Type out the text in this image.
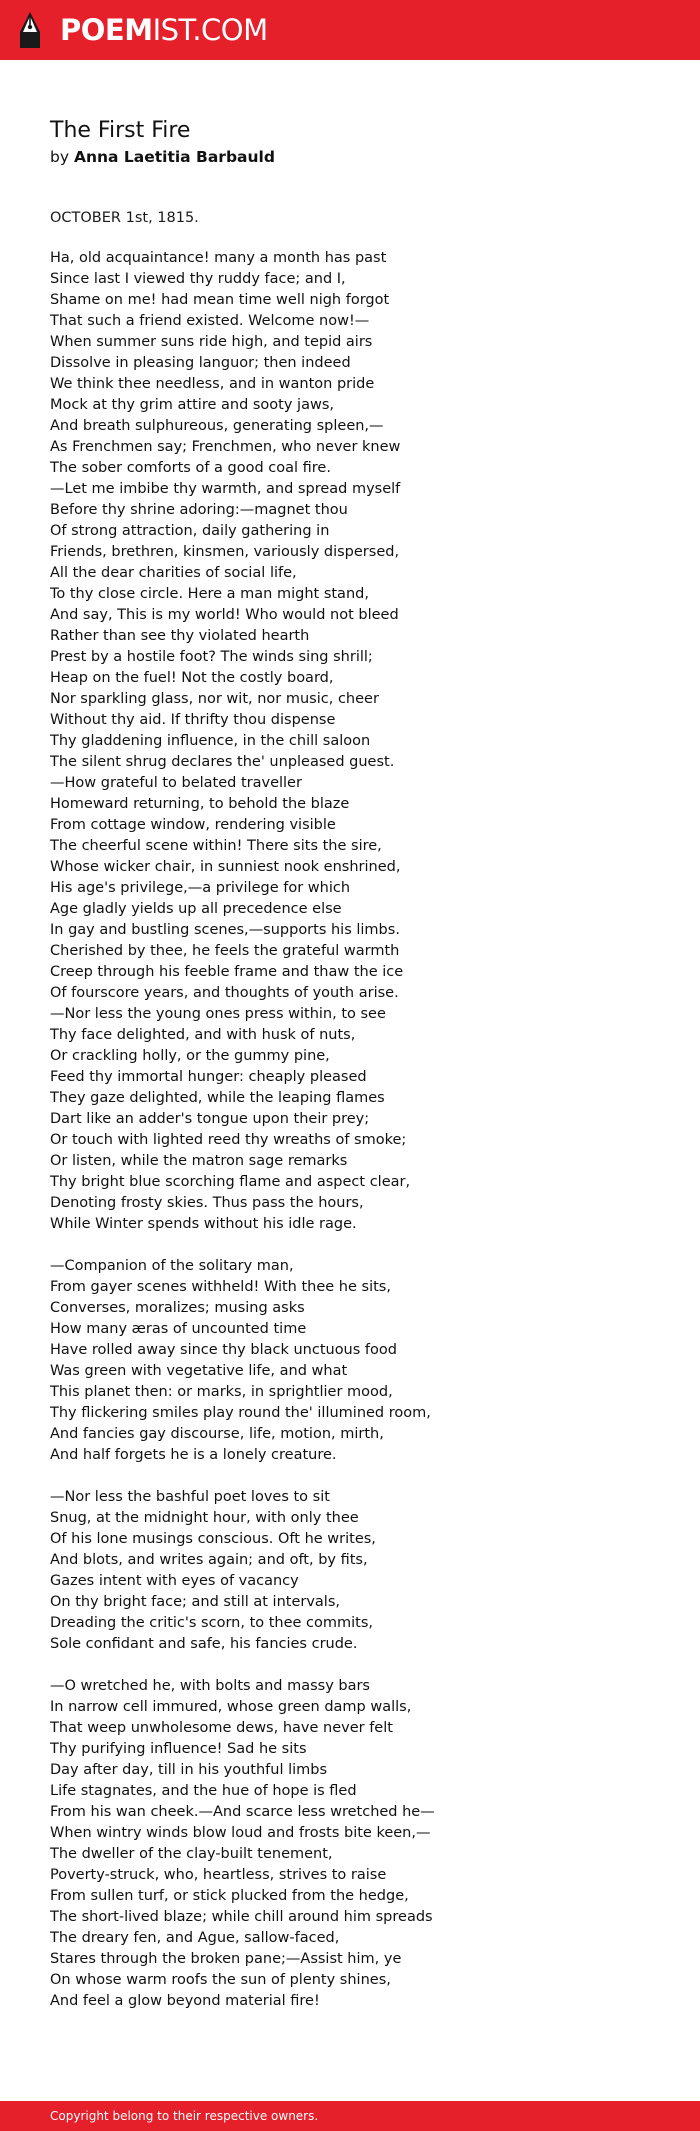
POEMIST.COM
The First Fire
by Anna Laetitia Barbauld
OCTOBER 1st, 1815.
Ha, old acquaintance! many a month has past
Since last I viewed thy ruddy face; and I,
Shame on me! had mean time well nigh forgot
That such a friend existed. Welcome now!—
When summer suns ride high, and tepid airs
Dissolve in pleasing languor; then indeed
We think thee needless, and in wanton pride
Mock at thy grim attire and sooty jaws,
And breath sulphureous, generating spleen,—
As Frenchmen say; Frenchmen, who never knew
The sober comforts of a good coal fire.
—Let me imbibe thy warmth, and spread myself
Before thy shrine adoring:—magnet thou
Of strong attraction, daily gathering in
Friends, brethren, kinsmen, variously dispersed,
All the dear charities of social life,
To thy close circle. Here a man might stand,
And say, This is my world! Who would not bleed
Rather than see thy violated hearth
Prest by a hostile foot? The winds sing shrill;
Heap on the fuel! Not the costly board,
Nor sparkling glass, nor wit, nor music, cheer
Without thy aid. If thrifty thou dispense
Thy gladdening influence, in the chill saloon
The silent shrug declares the' unpleased guest.
—How grateful to belated traveller
Homeward returning, to behold the blaze
From cottage window, rendering visible
The cheerful scene within! There sits the sire,
Whose wicker chair, in sunniest nook enshrined,
His age's privilege,—a privilege for which
Age gladly yields up all precedence else
In gay and bustling scenes,—supports his limbs.
Cherished by thee, he feels the grateful warmth
Creep through his feeble frame and thaw the ice
Of fourscore years, and thoughts of youth arise.
—Nor less the young ones press within, to see
Thy face delighted, and with husk of nuts,
Or crackling holly, or the gummy pine,
Feed thy immortal hunger: cheaply pleased
They gaze delighted, while the leaping flames
Dart like an adder's tongue upon their prey;
Or touch with lighted reed thy wreaths of smoke;
Or listen, while the matron sage remarks
Thy bright blue scorching flame and aspect clear,
Denoting frosty skies. Thus pass the hours,
While Winter spends without his idle rage.
—Companion of the solitary man,
From gayer scenes withheld! With thee he sits,
Converses, moralizes; musing asks
How many æras of uncounted time
Have rolled away since thy black unctuous food
Was green with vegetative life, and what
This planet then: or marks, in sprightlier mood,
Thy flickering smiles play round the' illumined room,
And fancies gay discourse, life, motion, mirth,
And half forgets he is a lonely creature.
—Nor less the bashful poet loves to sit
Snug, at the midnight hour, with only thee
Of his lone musings conscious. Oft he writes,
And blots, and writes again; and oft, by fits,
Gazes intent with eyes of vacancy
On thy bright face; and still at intervals,
Dreading the critic's scorn, to thee commits,
Sole confidant and safe, his fancies crude.
—O wretched he, with bolts and massy bars
In narrow cell immured, whose green damp walls,
That weep unwholesome dews, have never felt
Thy purifying influence! Sad he sits
Day after day, till in his youthful limbs
Life stagnates, and the hue of hope is fled
From his wan cheek.—And scarce less wretched he—
When wintry winds blow loud and frosts bite keen,—
The dweller of the clay-built tenement,
Poverty-struck, who, heartless, strives to raise
From sullen turf, or stick plucked from the hedge,
The short-lived blaze; while chill around him spreads
The dreary fen, and Ague, sallow-faced,
Stares through the broken pane;—Assist him, ye
On whose warm roofs the sun of plenty shines,
And feel a glow beyond material fire!
Copyright belong to their respective owners.
